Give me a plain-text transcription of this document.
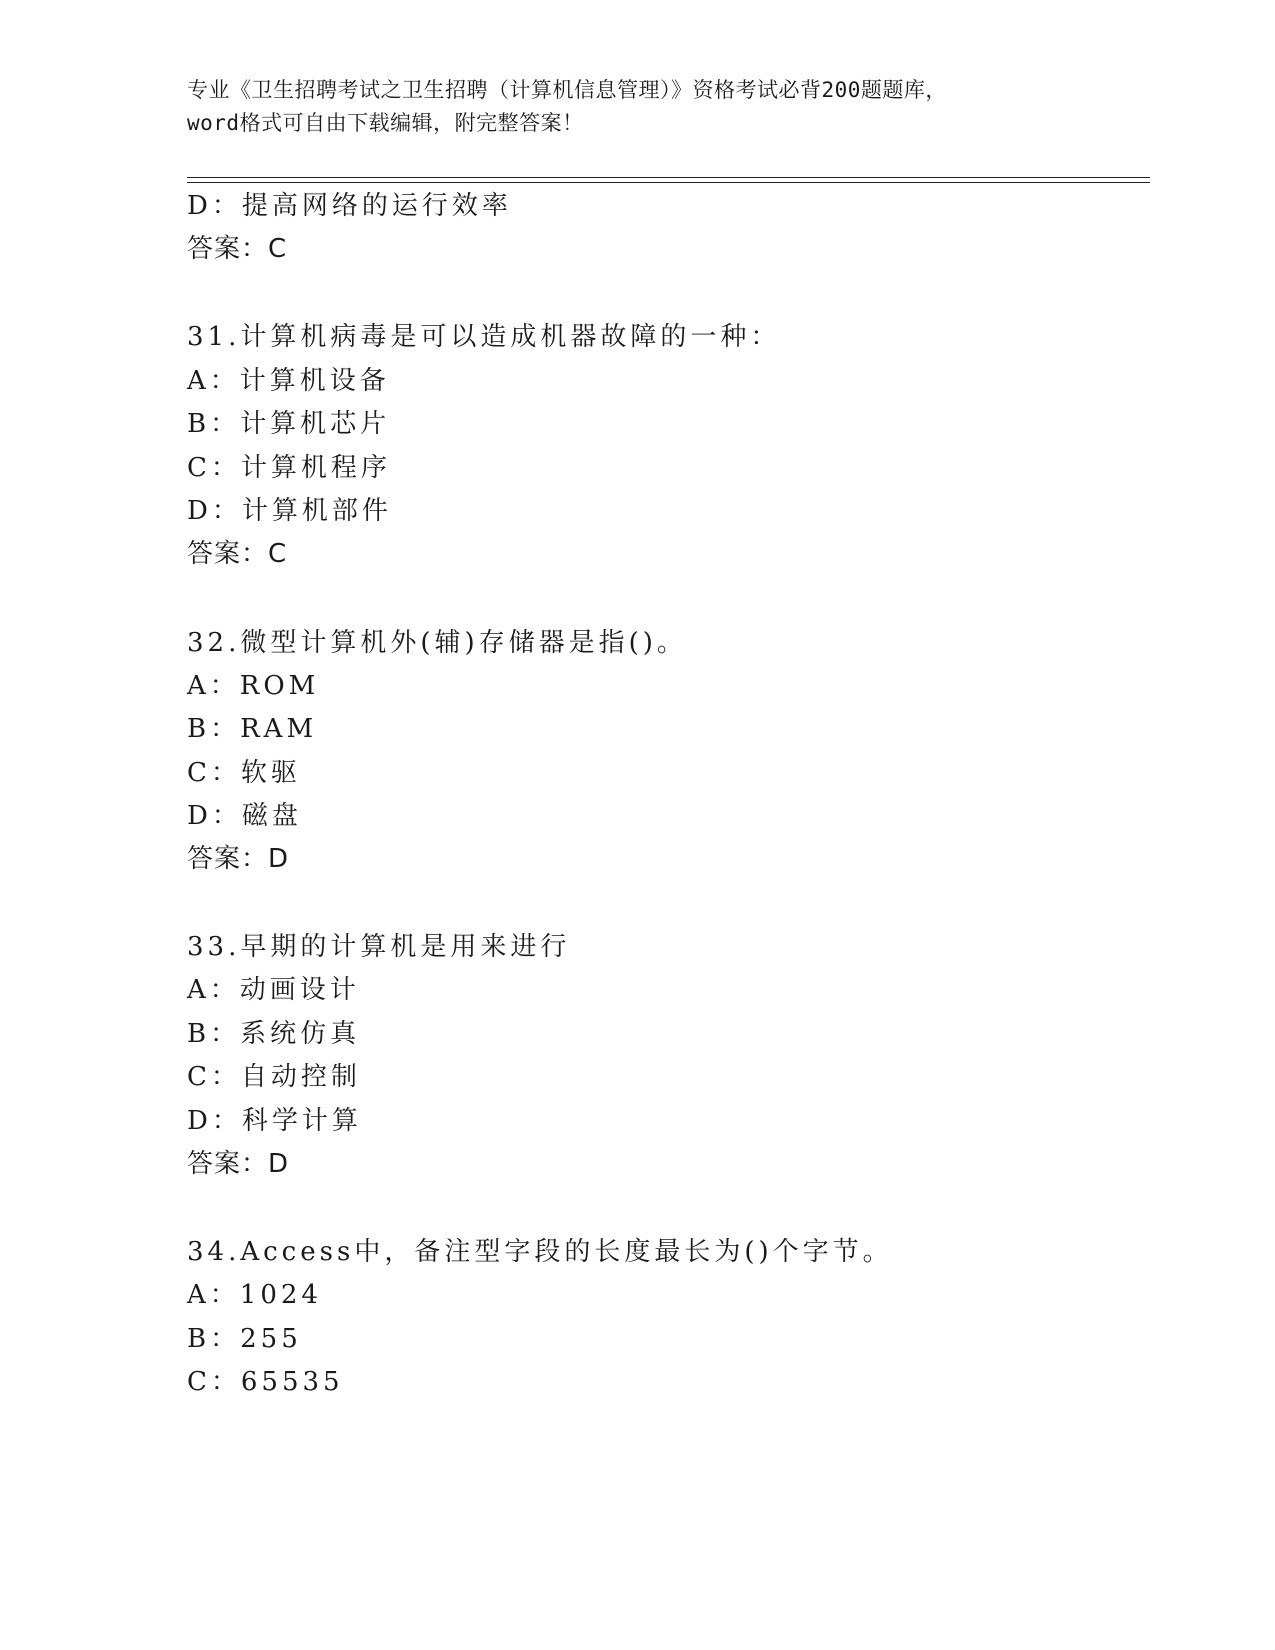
专业《卫生招聘考试之卫生招聘（计算机信息管理）》资格考试必背200题题库，
word格式可自由下载编辑，附完整答案！
D：提高网络的运行效率
答案：C
31.计算机病毒是可以造成机器故障的一种：
A：计算机设备
B：计算机芯片
C：计算机程序
D：计算机部件
答案：C
32.微型计算机外(辅)存储器是指()。
A：ROM
B：RAM
C：软驱
D：磁盘
答案：D
33.早期的计算机是用来进行
A：动画设计
B：系统仿真
C：自动控制
D：科学计算
答案：D
34.Access中，备注型字段的长度最长为()个字节。
A：1024
B：255
C：65535
